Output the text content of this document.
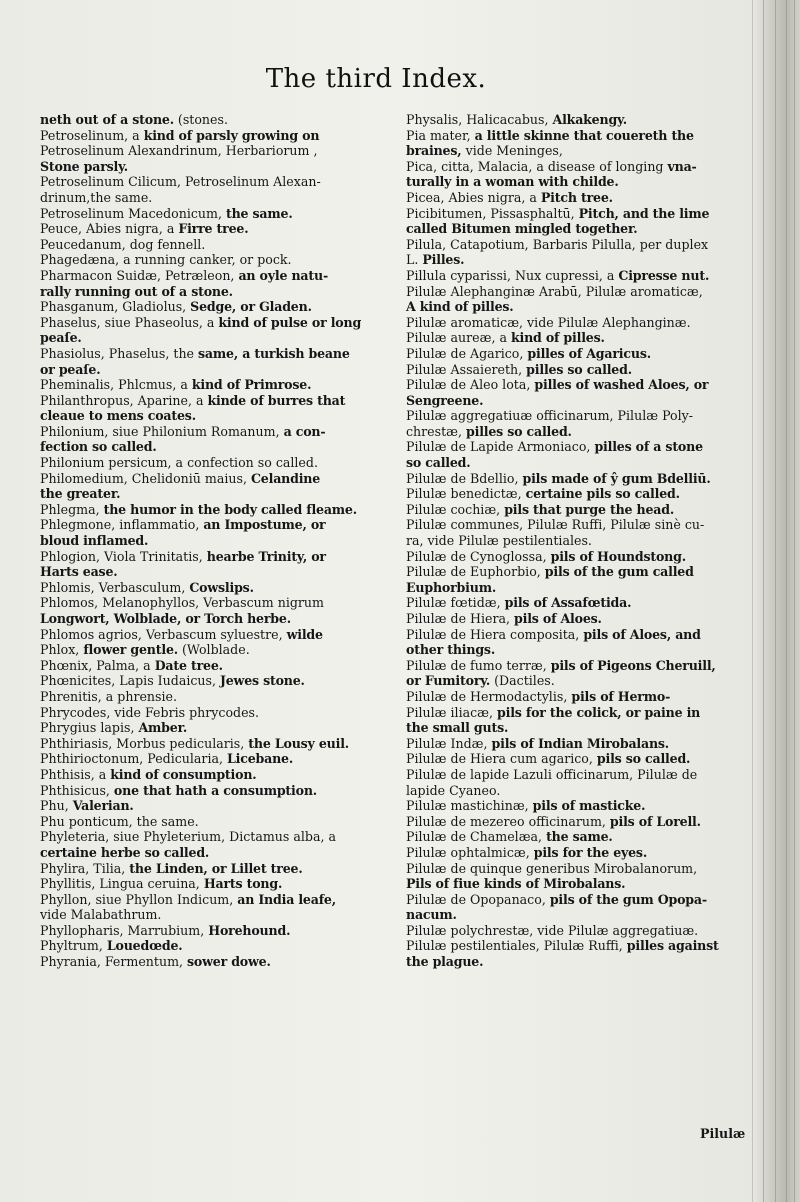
The third Index.

neth out of a stone. (stones.

Petroselinum, a kind of parsly growing on

Petroselinum Alexandrinum, Herbariorum ,

Stone parsly.

Petroselinum Cilicum, Petroselinum Alexan-

drinum,the same.

Petroselinum Macedonicum, the same.

Peuce, Abies nigra, a Firre tree.

Peucedanum, dog fennell.

Phagedæna, a running canker, or pock.

Pharmacon Suidæ, Petræleon, an oyle natu-

rally running out of a stone.

Phasganum, Gladiolus, Sedge, or Gladen.

Phaselus, siue Phaseolus, a kind of pulse or long

peaſe.

Phasiolus, Phaselus, the same, a turkish beane

or peaſe.

Pheminalis, Phlcmus, a kind of Primrose.

Philanthropus, Aparine, a kinde of burres that

cleaue to mens coates.

Philonium, siue Philonium Romanum, a con-

fection so called.

Philonium persicum, a confection so called.

Philomedium, Chelidoniū maius, Celandine

the greater.

Phlegma, the humor in the body called fleame.

Phlegmone, inflammatio, an Impostume, or

bloud inflamed.

Phlogion, Viola Trinitatis, hearbe Trinity, or

Harts ease.

Phlomis, Verbasculum, Cowslips.

Phlomos, Melanophyllos, Verbascum nigrum

Longwort, Wolblade, or Torch herbe.

Phlomos agrios, Verbascum syluestre, wilde

Phlox, flower gentle. (Wolblade.

Phœnix, Palma, a Date tree.

Phœnicites, Lapis Iudaicus, Jewes stone.

Phrenitis, a phrensie.

Phrycodes, vide Febris phrycodes.

Phrygius lapis, Amber.

Phthiriasis, Morbus pedicularis, the Lousy euil.

Phthirioctonum, Pedicularia, Licebane.

Phthisis, a kind of consumption.

Phthisicus, one that hath a consumption.

Phu, Valerian.

Phu ponticum, the same.

Phyleteria, siue Phyleterium, Dictamus alba, a

certaine herbe so called.

Phylira, Tilia, the Linden, or Lillet tree.

Phyllitis, Lingua ceruina, Harts tong.

Phyllon, siue Phyllon Indicum, an India leafe,

vide Malabathrum.

Phyllopharis, Marrubium, Horehound.

Phyltrum, Louedœde.

Phyrania, Fermentum, sower dowe.

Physalis, Halicacabus, Alkakengy.

Pia mater, a little skinne that couereth the

braines, vide Meninges,

Pica, citta, Malacia, a disease of longing vna-

turally in a woman with childe.

Picea, Abies nigra, a Pitch tree.

Picibitumen, Pissasphaltū, Pitch, and the lime

called Bitumen mingled together.

Pilula, Catapotium, Barbaris Pilulla, per duplex

L. Pilles.

Pillula cyparissi, Nux cupressi, a Cipresse nut.

Pilulæ Alephanginæ Arabū, Pilulæ aromaticæ,

A kind of pilles.

Pilulæ aromaticæ, vide Pilulæ Alephanginæ.

Pilulæ aureæ, a kind of pilles.

Pilulæ de Agarico, pilles of Agaricus.

Pilulæ Assaiereth, pilles so called.

Pilulæ de Aleo lota, pilles of washed Aloes, or

Sengreene.

Pilulæ aggregatiuæ officinarum, Pilulæ Poly-

chrestæ, pilles so called.

Pilulæ de Lapide Armoniaco, pilles of a stone

so called.

Pilulæ de Bdellio, pils made of ŷ gum Bdelliū.

Pilulæ benedictæ, certaine pils so called.

Pilulæ cochiæ, pils that purge the head.

Pilulæ communes, Pilulæ Ruffi, Pilulæ sinè cu-

ra, vide Pilulæ pestilentiales.

Pilulæ de Cynoglossa, pils of Houndstong.

Pilulæ de Euphorbio, pils of the gum called

Euphorbium.

Pilulæ fœtidæ, pils of Assafœtida.

Pilulæ de Hiera, pils of Aloes.

Pilulæ de Hiera composita, pils of Aloes, and

other things.

Pilulæ de fumo terræ, pils of Pigeons Cheruill,

or Fumitory. (Dactiles.

Pilulæ de Hermodactylis, pils of Hermo-

Pilulæ iliacæ, pils for the colick, or paine in

the small guts.

Pilulæ Indæ, pils of Indian Mirobalans.

Pilulæ de Hiera cum agarico, pils so called.

Pilulæ de lapide Lazuli officinarum, Pilulæ de

lapide Cyaneo.

Pilulæ mastichinæ, pils of masticke.

Pilulæ de mezereo officinarum, pils of Lorell.

Pilulæ de Chamelæa, the same.

Pilulæ ophtalmicæ, pils for the eyes.

Pilulæ de quinque generibus Mirobalanorum,

Pils of fiue kinds of Mirobalans.

Pilulæ de Opopanaco, pils of the gum Opopa-

nacum.

Pilulæ polychrestæ, vide Pilulæ aggregatiuæ.

Pilulæ pestilentiales, Pilulæ Ruffi, pilles against

the plague.

Pilulæ
